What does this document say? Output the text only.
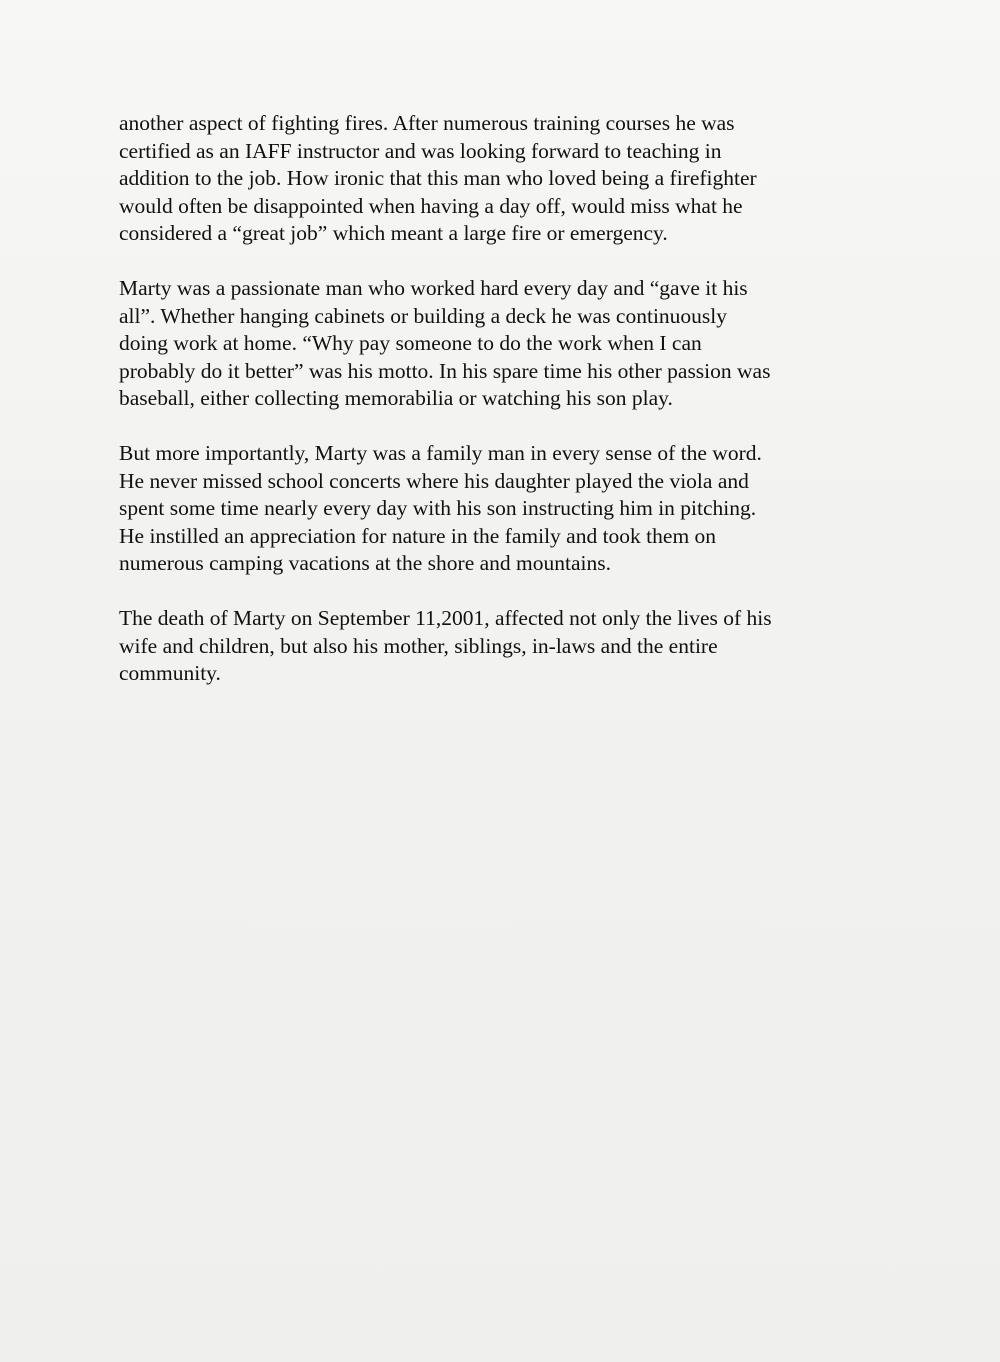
another aspect of fighting fires. After numerous training courses he was
certified as an IAFF instructor and was looking forward to teaching in
addition to the job. How ironic that this man who loved being a firefighter
would often be disappointed when having a day off, would miss what he
considered a “great job” which meant a large fire or emergency.

Marty was a passionate man who worked hard every day and “gave it his
all”. Whether hanging cabinets or building a deck he was continuously
doing work at home. “Why pay someone to do the work when I can
probably do it better” was his motto. In his spare time his other passion was
baseball, either collecting memorabilia or watching his son play.

But more importantly, Marty was a family man in every sense of the word.
He never missed school concerts where his daughter played the viola and
spent some time nearly every day with his son instructing him in pitching.
He instilled an appreciation for nature in the family and took them on
numerous camping vacations at the shore and mountains.

The death of Marty on September 11,2001, affected not only the lives of his
wife and children, but also his mother, siblings, in-laws and the entire
community.
